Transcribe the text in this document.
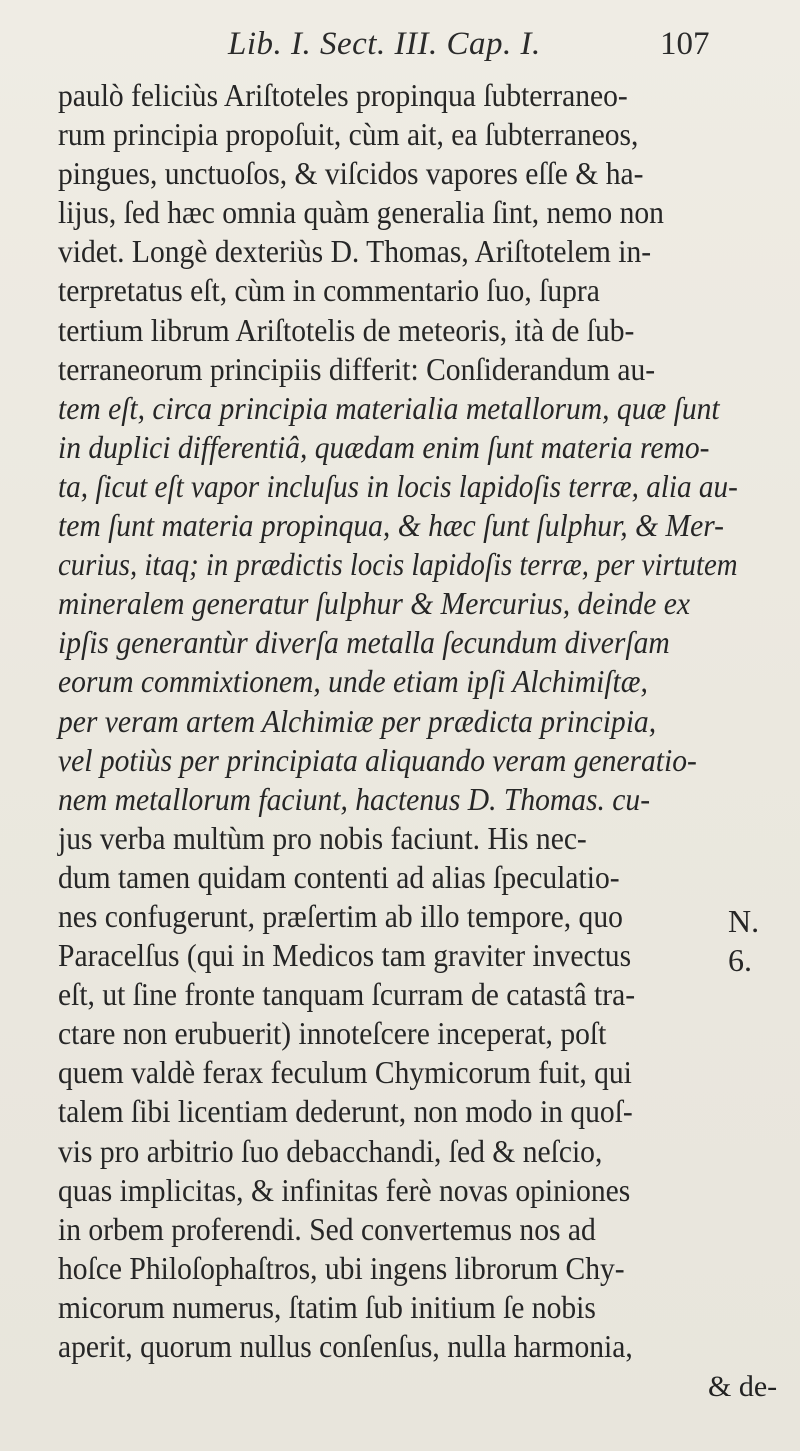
Lib. I. Sect. III. Cap. I.	107
paulò feliciùs Ariſtoteles propinqua ſubterraneo-
rum principia propoſuit, cùm ait, ea ſubterraneos,
pingues, unctuoſos, & viſcidos vapores eſſe & ha-
lijus, ſed hæc omnia quàm generalia ſint, nemo non
videt. Longè dexteriùs D. Thomas, Ariſtotelem in-
terpretatus eſt, cùm in commentario ſuo, ſupra
tertium librum Ariſtotelis de meteoris, ità de ſub-
terraneorum principiis differit: Conſiderandum au-
tem eſt, circa principia materialia metallorum, quæ ſunt
in duplici differentiâ, quædam enim ſunt materia remo-
ta, ſicut eſt vapor incluſus in locis lapidoſis terræ, alia au-
tem ſunt materia propinqua, & hæc ſunt ſulphur, & Mer-
curius, itaq; in prædictis locis lapidoſis terræ, per virtutem
mineralem generatur ſulphur & Mercurius, deinde ex
ipſis generantùr diverſa metalla ſecundum diverſam
eorum commixtionem, unde etiam ipſi Alchimiſtæ,
per veram artem Alchimiæ per prædicta principia,
vel potiùs per principiata aliquando veram generatio-
nem metallorum faciunt, hactenus D. Thomas. cu-
jus verba multùm pro nobis faciunt. His nec-
dum tamen quidam contenti ad alias ſpeculatio-
nes confugerunt, præſertim ab illo tempore, quo
Paracelſus (qui in Medicos tam graviter invectus
eſt, ut ſine fronte tanquam ſcurram de catastâ tra-
ctare non erubuerit) innoteſcere inceperat, poſt
quem valdè ferax feculum Chymicorum fuit, qui
talem ſibi licentiam dederunt, non modo in quoſ-
vis pro arbitrio ſuo debacchandi, ſed & neſcio,
quas implicitas, & infinitas ferè novas opiniones
in orbem proferendi. Sed convertemus nos ad
hoſce Philoſophaſtros, ubi ingens librorum Chy-
micorum numerus, ſtatim ſub initium ſe nobis
aperit, quorum nullus conſenſus, nulla harmonia,
N.
6.
& de-
